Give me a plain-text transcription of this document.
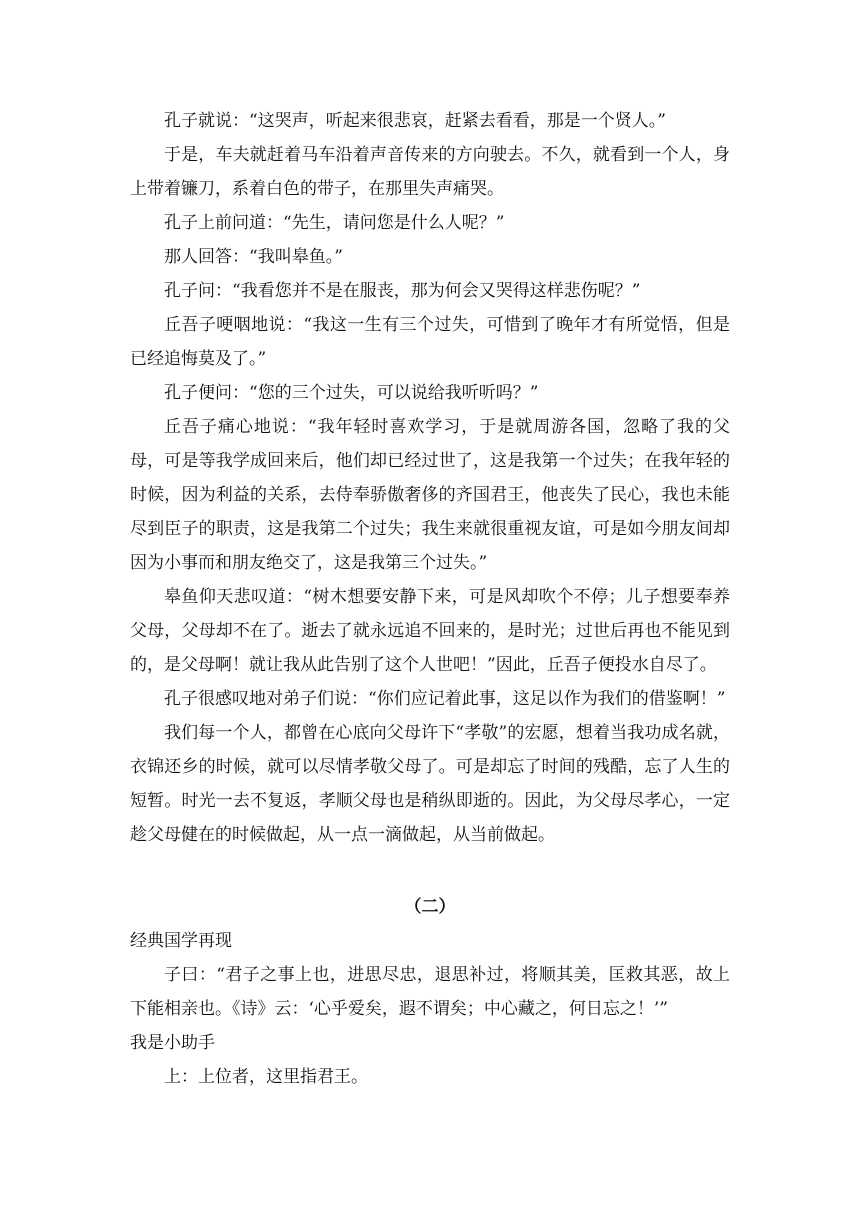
孔子就说：“这哭声，听起来很悲哀，赶紧去看看，那是一个贤人。”

于是，车夫就赶着马车沿着声音传来的方向驶去。不久，就看到一个人，身上带着镰刀，系着白色的带子，在那里失声痛哭。

孔子上前问道：“先生，请问您是什么人呢？”

那人回答：“我叫皋鱼。”

孔子问：“我看您并不是在服丧，那为何会又哭得这样悲伤呢？”

丘吾子哽咽地说：“我这一生有三个过失，可惜到了晚年才有所觉悟，但是已经追悔莫及了。”

孔子便问：“您的三个过失，可以说给我听听吗？”

丘吾子痛心地说：“我年轻时喜欢学习，于是就周游各国，忽略了我的父母，可是等我学成回来后，他们却已经过世了，这是我第一个过失；在我年轻的时候，因为利益的关系，去侍奉骄傲奢侈的齐国君王，他丧失了民心，我也未能尽到臣子的职责，这是我第二个过失；我生来就很重视友谊，可是如今朋友间却因为小事而和朋友绝交了，这是我第三个过失。”

皋鱼仰天悲叹道：“树木想要安静下来，可是风却吹个不停；儿子想要奉养父母，父母却不在了。逝去了就永远追不回来的，是时光；过世后再也不能见到的，是父母啊！就让我从此告别了这个人世吧！”因此，丘吾子便投水自尽了。

孔子很感叹地对弟子们说：“你们应记着此事，这足以作为我们的借鉴啊！”

我们每一个人，都曾在心底向父母许下“孝敬”的宏愿，想着当我功成名就，衣锦还乡的时候，就可以尽情孝敬父母了。可是却忘了时间的残酷，忘了人生的短暂。时光一去不复返，孝顺父母也是稍纵即逝的。因此，为父母尽孝心，一定趁父母健在的时候做起，从一点一滴做起，从当前做起。

（二）

经典国学再现

子曰：“君子之事上也，进思尽忠，退思补过，将顺其美，匡救其恶，故上下能相亲也。《诗》云：‘心乎爱矣，遐不谓矣；中心藏之，何日忘之！’”

我是小助手

上：上位者，这里指君王。
